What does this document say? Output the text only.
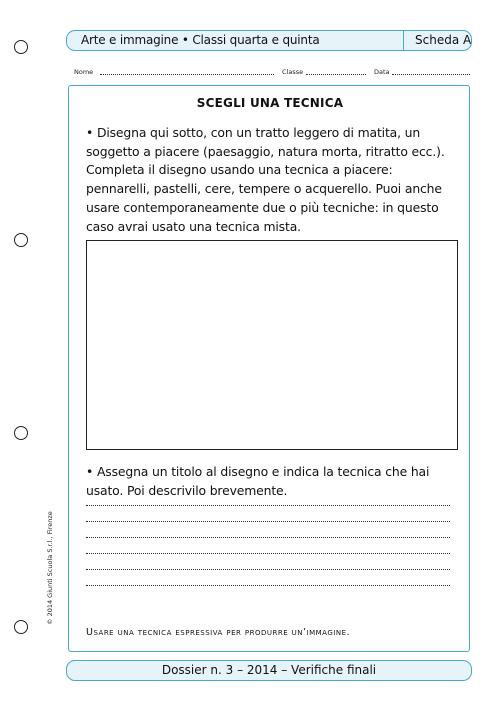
Arte e immagine • Classi quarta e quinta	Scheda A
Nome	Classe	Data
SCEGLI UNA TECNICA
• Disegna qui sotto, con un tratto leggero di matita, un soggetto a piacere (paesaggio, natura morta, ritratto ecc.). Completa il disegno usando una tecnica a piacere: pennarelli, pastelli, cere, tempere o acquerello. Puoi anche usare contemporaneamente due o più tecniche: in questo caso avrai usato una tecnica mista.
• Assegna un titolo al disegno e indica la tecnica che hai usato. Poi descrivilo brevemente.
Usare una tecnica espressiva per produrre un’immagine.
© 2014 Giunti Scuola S.r.l., Firenze
Dossier n. 3 – 2014 – Verifiche finali
